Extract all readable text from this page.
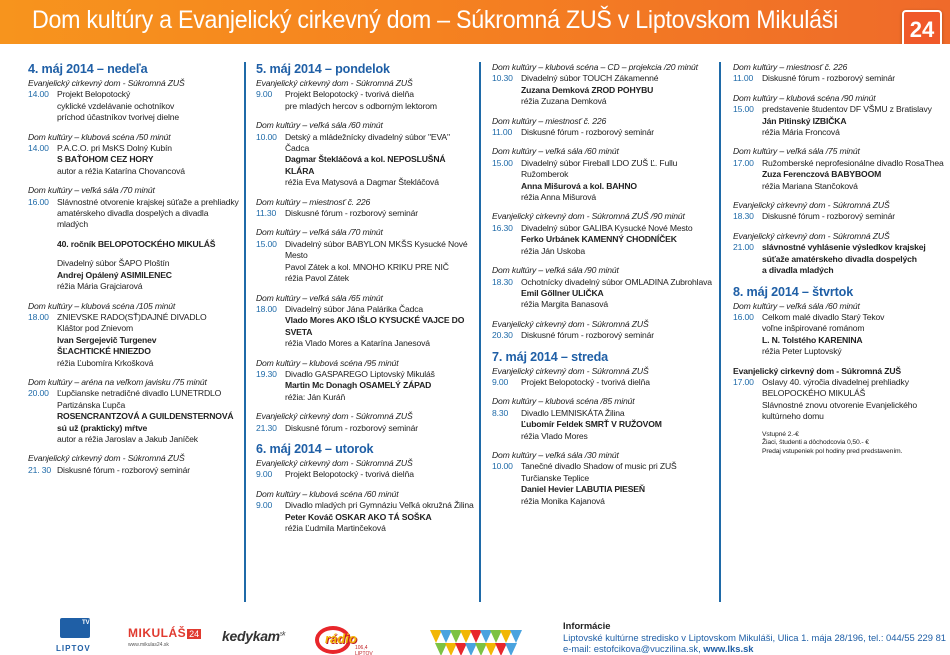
Dom kultúry a Evanjelický cirkevný dom – Súkromná ZUŠ v Liptovskom Mikuláši	24
4. máj 2014 – nedeľa
Evanjelický cirkevný dom - Súkromná ZUŠ
14.00 Projekt Belopotocký
cyklické vzdelávanie ochotníkov
príchod účastníkov tvorivej dielne
Dom kultúry – klubová scéna /50 minút
14.00 P.A.C.O. pri MsKS Dolný Kubín
S BAŤOHOM CEZ HORY
autor a réžia Katarína Chovancová
Dom kultúry – veľká sála /70 minút
16.00 Slávnostné otvorenie krajskej súťaže a prehliadky
amatérskeho divadla dospelých a divadla mladých
40. ročník BELOPOTOCKÉHO MIKULÁŠ
Divadelný súbor ŠAPO Ploštín
Andrej Opálený ASIMILENEC
réžia Mária Grajciarová
Dom kultúry – klubová scéna /105 minút
18.00 ZNIEVSKE RADO(SŤ)DAJNÉ DIVADLO
Kláštor pod Znievom
Ivan Sergejevič Turgenev
ŠĽACHTICKÉ HNIEZDO
réžia Ľubomíra Krkošková
Dom kultúry – aréna na veľkom javisku /75 minút
20.00 Ľupčianske netradičné divadlo LUNETRDLO
Partizánska Ľupča
ROSENCRANTZOVÁ A GUILDENSTERNOVÁ
sú už (prakticky) mŕtve
autor a réžia Jaroslav a Jakub Janíček
Evanjelický cirkevný dom - Súkromná ZUŠ
21. 30 Diskusné fórum - rozborový seminár
5. máj 2014 – pondelok
Evanjelický cirkevný dom - Súkromná ZUŠ
9.00	Projekt Belopotocký - tvorivá dielňa
pre mladých hercov s odborným lektorom
Dom kultúry – veľká sála /60 minút
10.00 Detský a mládežnícky divadelný súbor "EVA" Čadca
Dagmar Štekláčová a kol. NEPOSLUŠNÁ KLÁRA
réžia Eva Matysová a Dagmar Štekláčová
Dom kultúry – miestnosť č. 226
11.30	Diskusné fórum - rozborový seminár
Dom kultúry – veľká sála /70 minút
15.00 Divadelný súbor BABYLON MKŠS Kysucké Nové Mesto
Pavol Zátek a kol. MNOHO KRIKU PRE NIČ
réžia Pavol Zátek
Dom kultúry – veľká sála /65 minút
18.00 Divadelný súbor Jána Palárika Čadca
Vlado Mores AKO IŠLO KYSUCKÉ VAJCE DO SVETA
réžia Vlado Mores a Katarína Janesová
Dom kultúry – klubová scéna /95 minút
19.30 Divadlo GASPAREGO Liptovský Mikuláš
Martin Mc Donagh OSAMELÝ ZÁPAD
réžia: Ján Kuráň
Evanjelický cirkevný dom - Súkromná ZUŠ
21.30 Diskusné fórum - rozborový seminár
6. máj 2014 – utorok
Evanjelický cirkevný dom - Súkromná ZUŠ
9.00	Projekt Belopotocký - tvorivá dielňa
Dom kultúry – klubová scéna /60 minút
9.00	Divadlo mladých pri Gymnáziu Veľká okružná Žilina
Peter Kováč OSKAR AKO TÁ SOŠKA
réžia Ľudmila Martinčeková
Dom kultúry – klubová scéna – CD – projekcia /20 minút
10.30 Divadelný súbor TOUCH Zákamenné
Zuzana Demková ZROD POHYBU
réžia Zuzana Demková
Dom kultúry – miestnosť č. 226
11.00	Diskusné fórum - rozborový seminár
Dom kultúry – veľká sála /60 minút
15.00 Divadelný súbor Fireball LDO ZUŠ Ľ. Fullu Ružomberok
Anna Mišurová a kol. BAHNO
réžia Anna Mišurová
Evanjelický cirkevný dom - Súkromná ZUŠ /90 minút
16.30 Divadelný súbor GALIBA Kysucké Nové Mesto
Ferko Urbánek KAMENNÝ CHODNÍČEK
réžia Ján Uskoba
Dom kultúry – veľká sála /90 minút
18.30 Ochotnícky divadelný súbor OMLADINA Zubrohlava
Emil Gőllner ULIČKA
réžia Margita Banasová
Evanjelický cirkevný dom - Súkromná ZUŠ
20.30 Diskusné fórum - rozborový seminár
7. máj 2014 – streda
Evanjelický cirkevný dom - Súkromná ZUŠ
9.00	Projekt Belopotocký - tvorivá dielňa
Dom kultúry – klubová scéna /85 minút
8.30	Divadlo LEMNISKÁTA Žilina
Ľubomír Feldek SMRŤ V RUŽOVOM
réžia Vlado Mores
Dom kultúry – veľká sála /30 minút
10.00 Tanečné divadlo Shadow of music pri ZUŠ
Turčianske Teplice
Daniel Hevier LABUTIA PIESEŇ
réžia Monika Kajanová
Dom kultúry – miestnosť č. 226
11.00	Diskusné fórum - rozborový seminár
Dom kultúry – klubová scéna /90 minút
15.00 predstavenie študentov DF VŠMU z Bratislavy
Ján Pitinský IZBIČKA
réžia Mária Froncová
Dom kultúry – veľká sála /75 minút
17.00 Ružomberské neprofesionálne divadlo RosaThea
Zuza Ferenczová BABYBOOM
réžia Mariana Stančoková
Evanjelický cirkevný dom - Súkromná ZUŠ
18.30 Diskusné fórum - rozborový seminár
Evanjelický cirkevný dom - Súkromná ZUŠ
21.00 slávnostné vyhlásenie výsledkov krajskej
súťaže amatérskeho divadla dospelých
a divadla mladých
8. máj 2014 – štvrtok
Dom kultúry – veľká sála /60 minút
16.00 Celkom malé divadlo Starý Tekov
voľne inšpirované románom
L. N. Tolstého KARENINA
réžia Peter Luptovský
Evanjelický cirkevný dom - Súkromná ZUŠ
17.00 Oslavy 40. výročia divadelnej prehliadky
BELOPOCKÉHO MIKULÁŠ
Slávnostné znovu otvorenie Evanjelického
kultúrneho domu
Vstupné 2.-€
Žiaci, študenti a dôchodcovia 0,50.- €
Predaj vstupeniek pol hodiny pred predstavením.
TV
LIPTOV
MIKULÁŠ 24
www.mikulas24.sk
kedykam$^{sk}$	rádio
106,4 LIPTOV
Informácie
Liptovské kultúrne stredisko v Liptovskom Mikuláši, Ulica 1. mája 28/196, tel.: 044/55 229 81
e-mail: estofcikova@vuczilina.sk, www.lks.sk
